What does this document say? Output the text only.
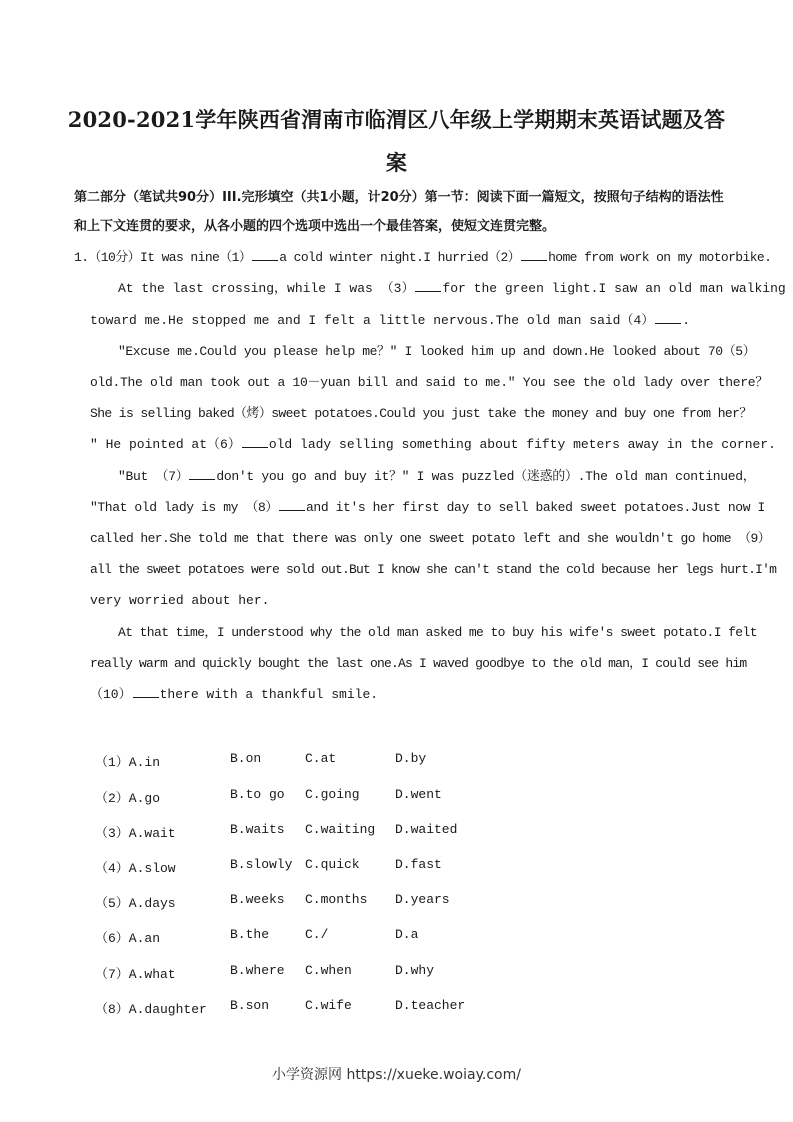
2020-2021学年陕西省渭南市临渭区八年级上学期期末英语试题及答
案
第二部分（笔试共90分）III.完形填空（共1小题，计20分）第一节：阅读下面一篇短文，按照句子结构的语法性和上下文连贯的要求，从各小题的四个选项中选出一个最佳答案，使短文连贯完整。
1.（10分）It was nine（1） a cold winter night.I hurried（2） home from work on my motorbike.
At the last crossing，while I was （3） for the green light.I saw an old man walking
toward me.He stopped me and I felt a little nervous.The old man said（4） .
"Excuse me.Could you please help me？" I looked him up and down.He looked about 70（5）
old.The old man took out a 10－yuan bill and said to me." You see the old lady over there？
She is selling baked（烤）sweet potatoes.Could you just take the money and buy one from her？
" He pointed at（6） old lady selling something about fifty meters away in the corner.
"But （7） don't you go and buy it？" I was puzzled（迷惑的）.The old man continued，
"That old lady is my （8） and it's her first day to sell baked sweet potatoes.Just now I
called her.She told me that there was only one sweet potato left and she wouldn't go home （9）
all the sweet potatoes were sold out.But I know she can't stand the cold because her legs hurt.I'm
very worried about her.
At that time，I understood why the old man asked me to buy his wife's sweet potato.I felt
really warm and quickly bought the last one.As I waved goodbye to the old man，I could see him
（10） there with a thankful smile.
（1）A.in	B.on	C.at	D.by
（2）A.go	B.to go C.going	D.went
（3）A.wait	B.waits C.waiting D.waited
（4）A.slow	B.slowly C.quick	D.fast
（5）A.days	B.weeks C.months D.years
（6）A.an	B.the	C./	D.a
（7）A.what	B.where C.when	D.why
（8）A.daughter B.son	C.wife	D.teacher
小学资源网 https://xueke.woiay.com/
